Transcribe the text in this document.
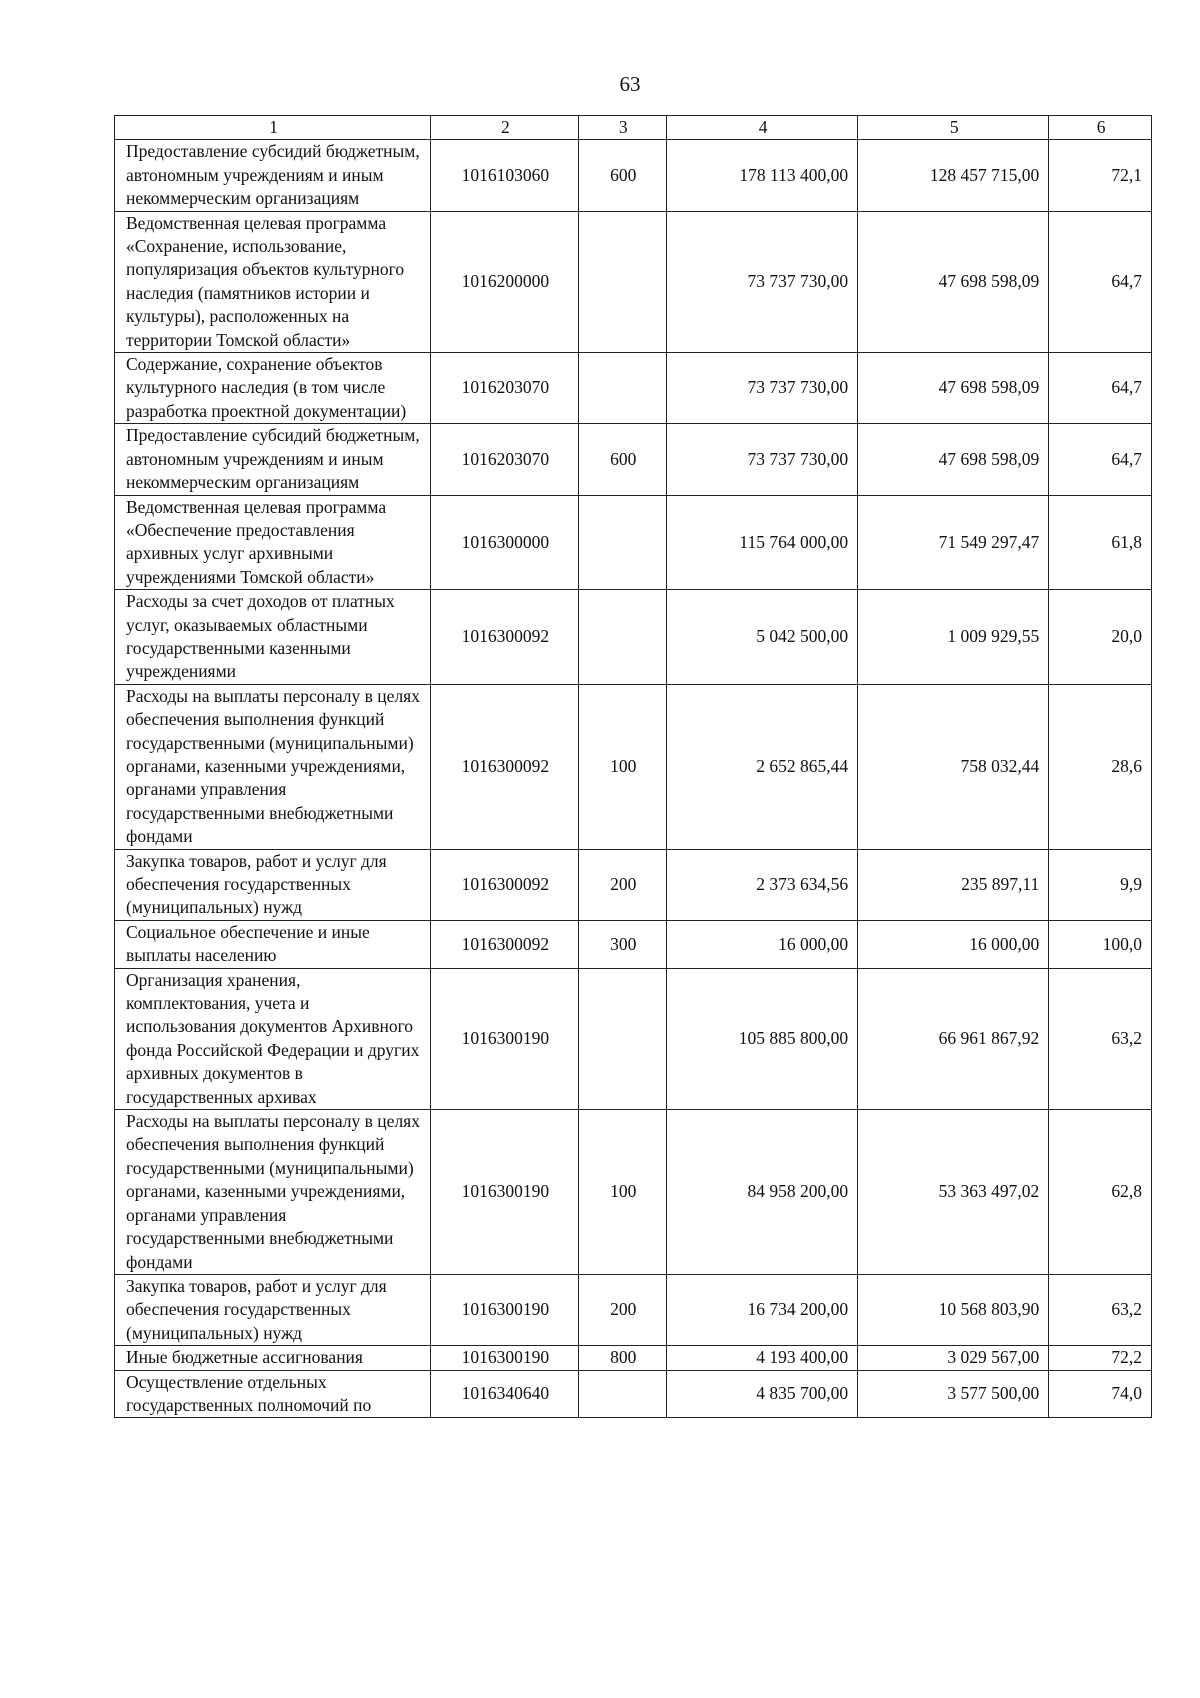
63
1	2	3	4	5	6
Предоставление субсидий бюджетным, автономным учреждениям и иным некоммерческим организациям	1016103060	600	178 113 400,00	128 457 715,00	72,1
Ведомственная целевая программа «Сохранение, использование, популяризация объектов культурного наследия (памятников истории и культуры), расположенных на территории Томской области»	1016200000		73 737 730,00	47 698 598,09	64,7
Содержание, сохранение объектов культурного наследия (в том числе разработка проектной документации)	1016203070		73 737 730,00	47 698 598,09	64,7
Предоставление субсидий бюджетным, автономным учреждениям и иным некоммерческим организациям	1016203070	600	73 737 730,00	47 698 598,09	64,7
Ведомственная целевая программа «Обеспечение предоставления архивных услуг архивными учреждениями Томской области»	1016300000		115 764 000,00	71 549 297,47	61,8
Расходы за счет доходов от платных услуг, оказываемых областными государственными казенными учреждениями	1016300092		5 042 500,00	1 009 929,55	20,0
Расходы на выплаты персоналу в целях обеспечения выполнения функций государственными (муниципальными) органами, казенными учреждениями, органами управления государственными внебюджетными фондами	1016300092	100	2 652 865,44	758 032,44	28,6
Закупка товаров, работ и услуг для обеспечения государственных (муниципальных) нужд	1016300092	200	2 373 634,56	235 897,11	9,9
Социальное обеспечение и иные выплаты населению	1016300092	300	16 000,00	16 000,00	100,0
Организация хранения, комплектования, учета и использования документов Архивного фонда Российской Федерации и других архивных документов в государственных архивах	1016300190		105 885 800,00	66 961 867,92	63,2
Расходы на выплаты персоналу в целях обеспечения выполнения функций государственными (муниципальными) органами, казенными учреждениями, органами управления государственными внебюджетными фондами	1016300190	100	84 958 200,00	53 363 497,02	62,8
Закупка товаров, работ и услуг для обеспечения государственных (муниципальных) нужд	1016300190	200	16 734 200,00	10 568 803,90	63,2
Иные бюджетные ассигнования	1016300190	800	4 193 400,00	3 029 567,00	72,2
Осуществление отдельных государственных полномочий по	1016340640		4 835 700,00	3 577 500,00	74,0
